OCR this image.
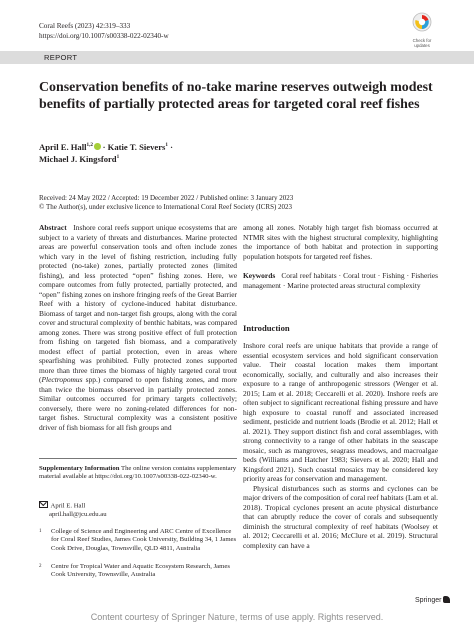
Coral Reefs (2023) 42:319–333
https://doi.org/10.1007/s00338-022-02340-w
Check for
updates
REPORT
Conservation benefits of no-take marine reserves outweigh modest benefits of partially protected areas for targeted coral reef fishes
April E. Hall$^{1,2}$ · Katie T. Sievers$^1$ ·
Michael J. Kingsford$^1$
Received: 24 May 2022 / Accepted: 19 December 2022 / Published online: 3 January 2023
© The Author(s), under exclusive licence to International Coral Reef Society (ICRS) 2023
Abstract Inshore coral reefs support unique ecosystems that are subject to a variety of threats and disturbances. Marine protected areas are powerful conservation tools and often include zones which vary in the level of fishing restriction, including fully protected (no-take) zones, partially protected zones (limited fishing), and less protected “open” fishing zones. Here, we compare outcomes from fully protected, partially protected, and “open” fishing zones on inshore fringing reefs of the Great Barrier Reef with a history of cyclone-induced habitat disturbance. Biomass of target and non-target fish groups, along with the coral cover and structural complexity of benthic habitats, was compared among zones. There was strong positive effect of full protection from fishing on targeted fish biomass, and a comparatively modest effect of partial protection, even in areas where spearfishing was prohibited. Fully protected zones supported more than three times the biomass of highly targeted coral trout (Plectropomus spp.) compared to open fishing zones, and more than twice the biomass observed in partially protected zones. Similar outcomes occurred for primary targets collectively; conversely, there were no zoning-related differences for non-target fishes. Structural complexity was a consistent positive driver of fish biomass for all fish groups and
among all zones. Notably high target fish biomass occurred at NTMR sites with the highest structural complexity, highlighting the importance of both habitat and protection in supporting population hotspots for targeted reef fishes.
Keywords Coral reef habitats · Coral trout · Fishing · Fisheries management · Marine protected areas structural complexity
Introduction
Inshore coral reefs are unique habitats that provide a range of essential ecosystem services and hold significant conservation value. Their coastal location makes them important economically, socially, and culturally and also increases their exposure to a range of anthropogenic stressors (Wenger et al. 2015; Lam et al. 2018; Ceccarelli et al. 2020). Inshore reefs are often subject to significant recreational fishing pressure and have high exposure to coastal runoff and associated increased sediment, pesticide and nutrient loads (Brodie et al. 2012; Hall et al. 2021). They support distinct fish and coral assemblages, with strong connectivity to a range of other habitats in the seascape mosaic, such as mangroves, seagrass meadows, and macroalgae beds (Williams and Hatcher 1983; Sievers et al. 2020; Hall and Kingsford 2021). Such coastal mosaics may be considered key priority areas for conservation and management.
Physical disturbances such as storms and cyclones can be major drivers of the composition of coral reef habitats (Lam et al. 2018). Tropical cyclones present an acute physical disturbance that can abruptly reduce the cover of corals and subsequently diminish the structural complexity of reef habitats (Woolsey et al. 2012; Ceccarelli et al. 2016; McClure et al. 2019). Structural complexity can have a
Supplementary Information The online version contains supplementary material available at https://doi.org/10.1007/s00338-022-02340-w.
April E. Hall
april.hall@jcu.edu.au
1 College of Science and Engineering and ARC Centre of Excellence for Coral Reef Studies, James Cook University, Building 34, 1 James Cook Drive, Douglas, Townsville, QLD 4811, Australia
2 Centre for Tropical Water and Aquatic Ecosystem Research, James Cook University, Townsville, Australia
Springer
Content courtesy of Springer Nature, terms of use apply. Rights reserved.
